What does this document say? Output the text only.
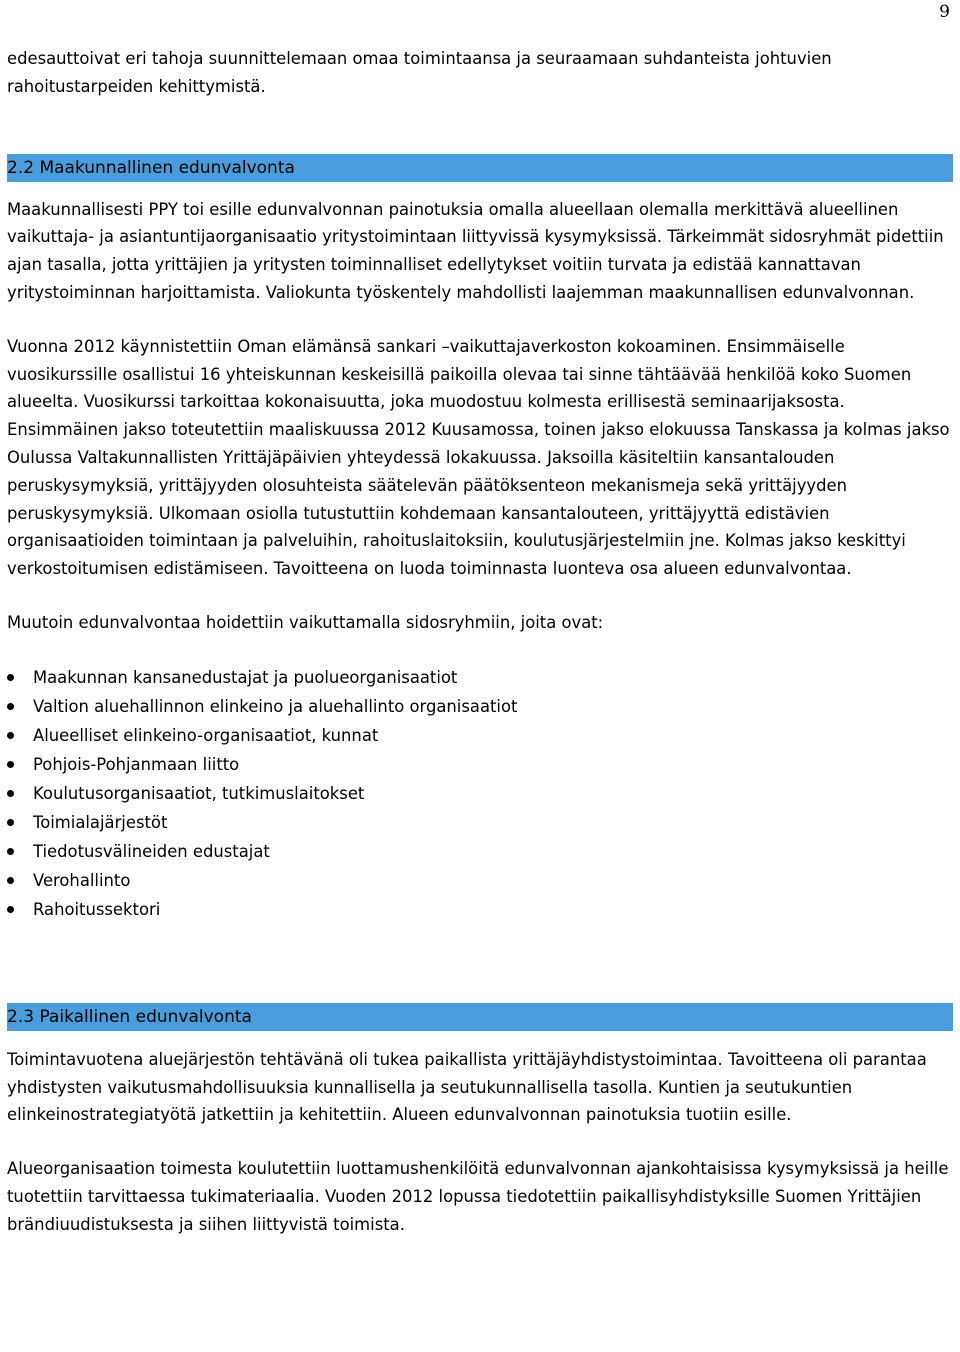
9

edesauttoivat eri tahoja suunnittelemaan omaa toimintaansa ja seuraamaan suhdanteista johtuvien rahoitustarpeiden kehittymistä.

2.2 Maakunnallinen edunvalvonta

Maakunnallisesti PPY toi esille edunvalvonnan painotuksia omalla alueellaan olemalla merkittävä alueellinen vaikuttaja- ja asiantuntijaorganisaatio yritystoimintaan liittyvissä kysymyksissä. Tärkeimmät sidosryhmät pidettiin ajan tasalla, jotta yrittäjien ja yritysten toiminnalliset edellytykset voitiin turvata ja edistää kannattavan yritystoiminnan harjoittamista. Valiokunta työskentely mahdollisti laajemman maakunnallisen edunvalvonnan.

Vuonna 2012 käynnistettiin Oman elämänsä sankari –vaikuttajaverkoston kokoaminen. Ensimmäiselle vuosikurssille osallistui 16 yhteiskunnan keskeisillä paikoilla olevaa tai sinne tähtäävää henkilöä koko Suomen alueelta. Vuosikurssi tarkoittaa kokonaisuutta, joka muodostuu kolmesta erillisestä seminaarijaksosta. Ensimmäinen jakso toteutettiin maaliskuussa 2012 Kuusamossa, toinen jakso elokuussa Tanskassa ja kolmas jakso Oulussa Valtakunnallisten Yrittäjäpäivien yhteydessä lokakuussa. Jaksoilla käsiteltiin kansantalouden peruskysymyksiä, yrittäjyyden olosuhteista säätelevän päätöksenteon mekanismeja sekä yrittäjyyden peruskysymyksiä. Ulkomaan osiolla tutustuttiin kohdemaan kansantalouteen, yrittäjyyttä edistävien organisaatioiden toimintaan ja palveluihin, rahoituslaitoksiin, koulutusjärjestelmiin jne. Kolmas jakso keskittyi verkostoitumisen edistämiseen. Tavoitteena on luoda toiminnasta luonteva osa alueen edunvalvontaa.

Muutoin edunvalvontaa hoidettiin vaikuttamalla sidosryhmiin, joita ovat:

Maakunnan kansanedustajat ja puolueorganisaatiot
Valtion aluehallinnon elinkeino ja aluehallinto organisaatiot
Alueelliset elinkeino-organisaatiot, kunnat
Pohjois-Pohjanmaan liitto
Koulutusorganisaatiot, tutkimuslaitokset
Toimialajärjestöt
Tiedotusvälineiden edustajat
Verohallinto
Rahoitussektori
2.3 Paikallinen edunvalvonta

Toimintavuotena aluejärjestön tehtävänä oli tukea paikallista yrittäjäyhdistystoimintaa. Tavoitteena oli parantaa yhdistysten vaikutusmahdollisuuksia kunnallisella ja seutukunnallisella tasolla. Kuntien ja seutukuntien elinkeinostrategiatyötä jatkettiin ja kehitettiin. Alueen edunvalvonnan painotuksia tuotiin esille.

Alueorganisaation toimesta koulutettiin luottamushenkilöitä edunvalvonnan ajankohtaisissa kysymyksissä ja heille tuotettiin tarvittaessa tukimateriaalia. Vuoden 2012 lopussa tiedotettiin paikallisyhdistyksille Suomen Yrittäjien brändiuudistuksesta ja siihen liittyvistä toimista.
